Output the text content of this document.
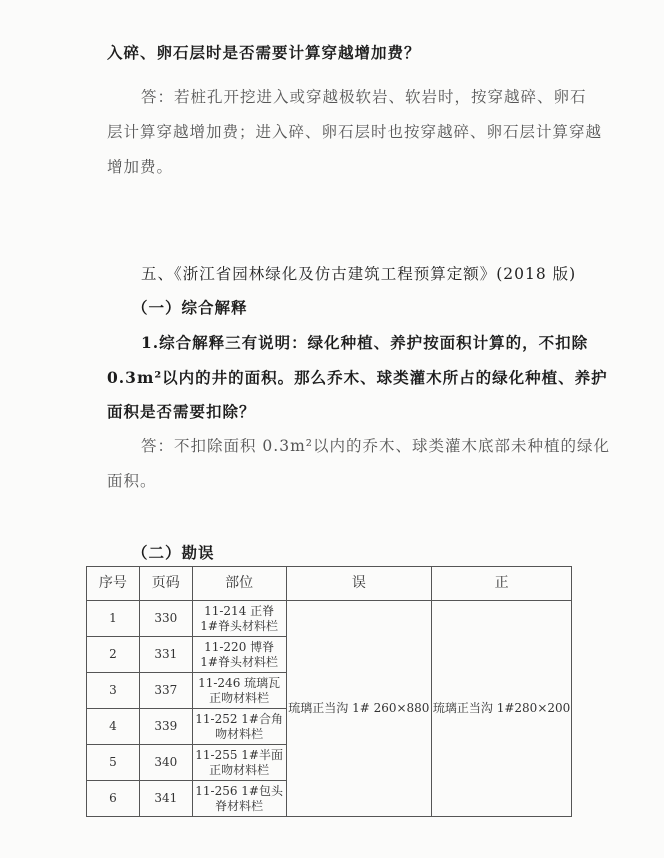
入碎、卵石层时是否需要计算穿越增加费？
答：若桩孔开挖进入或穿越极软岩、软岩时，按穿越碎、卵石
层计算穿越增加费；进入碎、卵石层时也按穿越碎、卵石层计算穿越
增加费。
五、《浙江省园林绿化及仿古建筑工程预算定额》(2018 版)
（一）综合解释
1.综合解释三有说明：绿化种植、养护按面积计算的，不扣除
0.3m²以内的井的面积。那么乔木、球类灌木所占的绿化种植、养护
面积是否需要扣除？
答：不扣除面积 0.3m²以内的乔木、球类灌木底部未种植的绿化
面积。
（二）勘误
序号	页码	部位	误	正
1	330	11-214 正脊
1#脊头材料栏	琉璃正当沟 1# 260×880	琉璃正当沟 1#280×200
2	331	11-220 博脊
1#脊头材料栏		

3	337	11-246 琉璃瓦
正吻材料栏		

4	339	11-252 1#合角
吻材料栏		

5	340	11-255 1#半面
正吻材料栏		

6	341	11-256 1#包头
脊材料栏		
